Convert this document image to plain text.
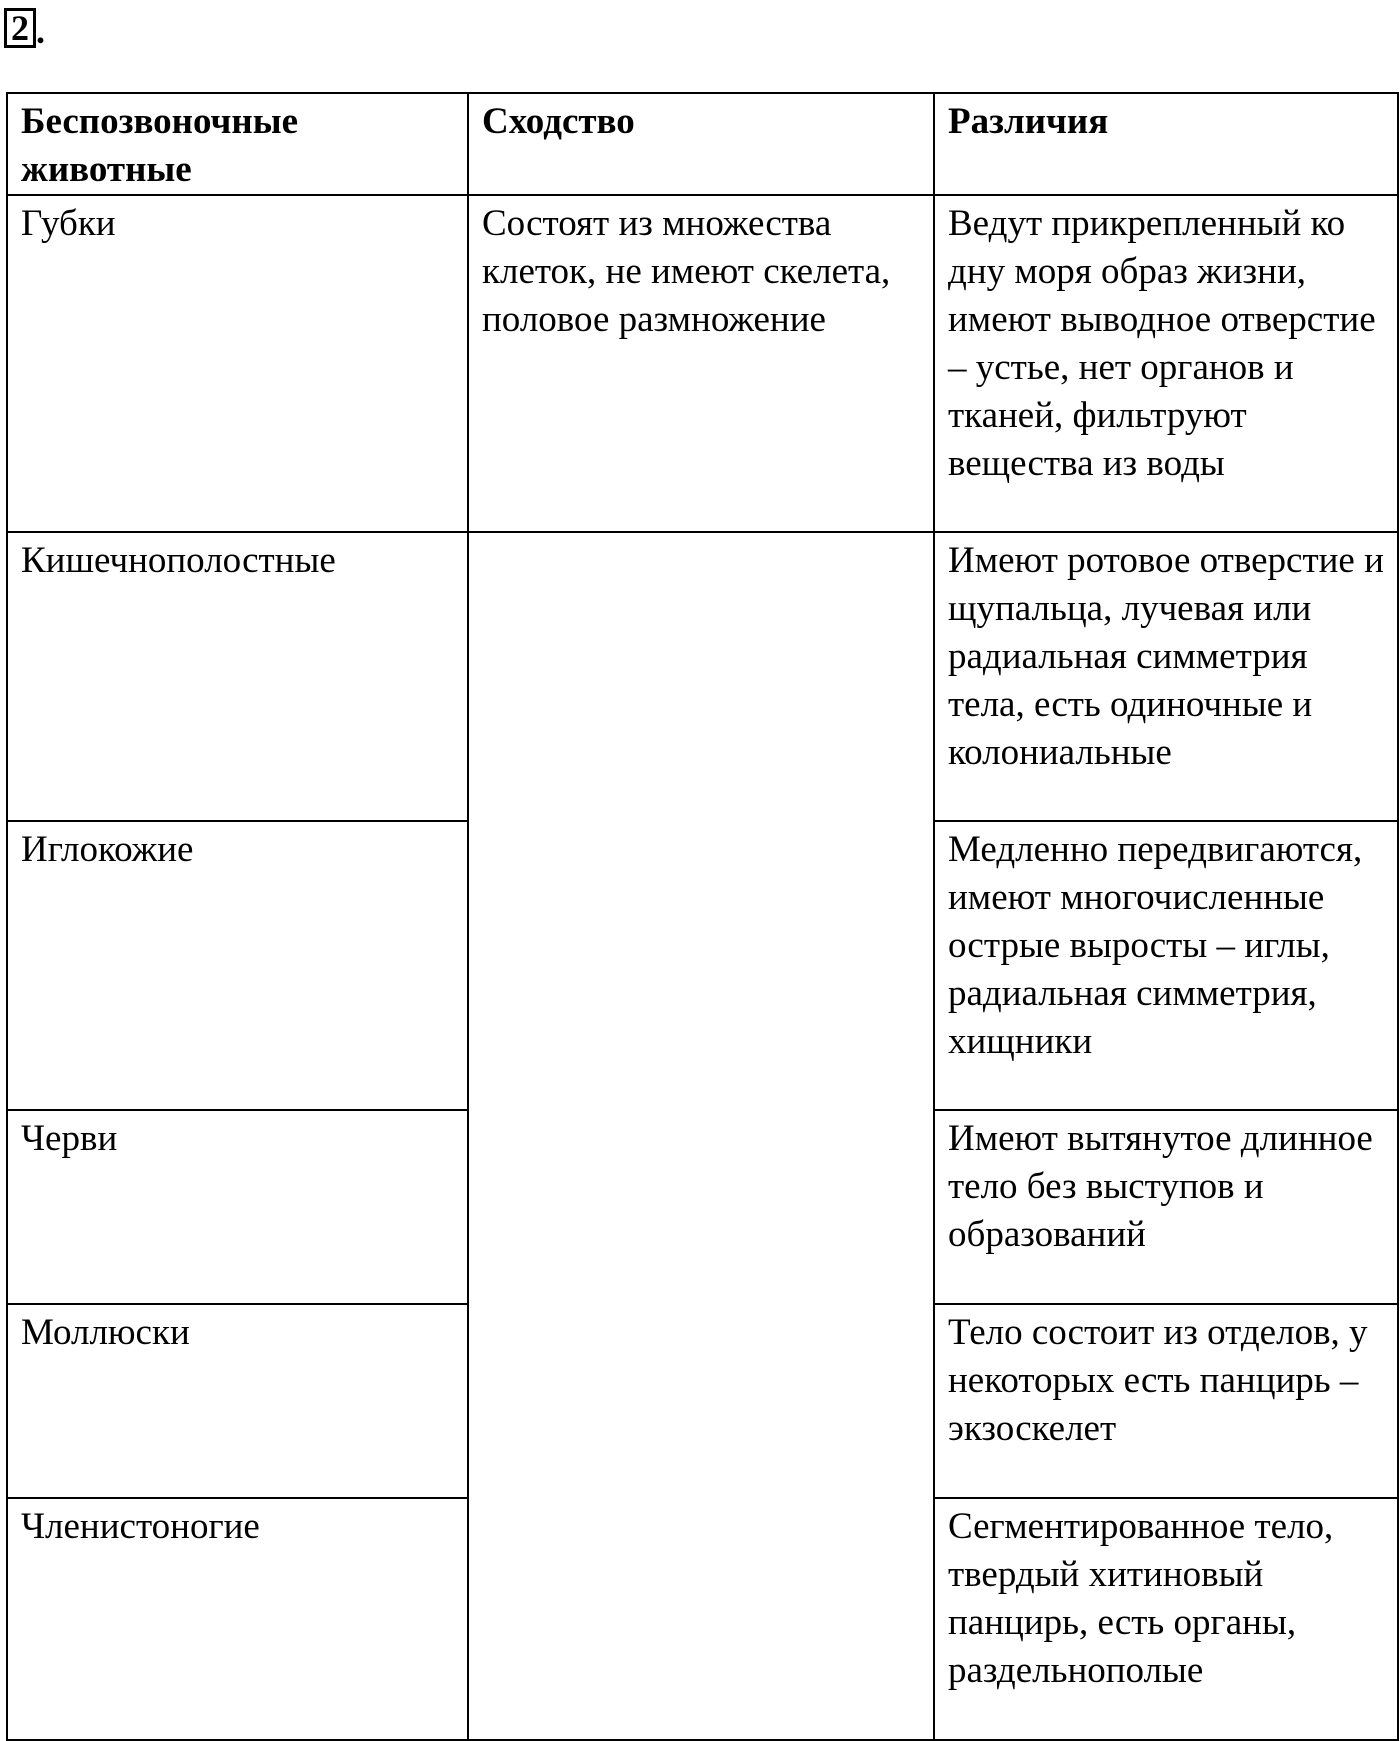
2 .
Беспозвоночные животные	Сходство	Различия
Губки	Состоят из множества клеток, не имеют скелета, половое размножение	Ведут прикрепленный ко дну моря образ жизни, имеют выводное отверстие – устье, нет органов и тканей, фильтруют вещества из воды
Кишечнополостные		Имеют ротовое отверстие и щупальца, лучевая или радиальная симметрия тела, есть одиночные и колониальные
Иглокожие		Медленно передвигаются, имеют многочисленные острые выросты – иглы, радиальная симметрия, хищники
Черви		Имеют вытянутое длинное тело без выступов и образований
Моллюски		Тело состоит из отделов, у некоторых есть панцирь – экзоскелет
Членистоногие		Сегментированное тело, твердый хитиновый панцирь, есть органы, раздельнополые
